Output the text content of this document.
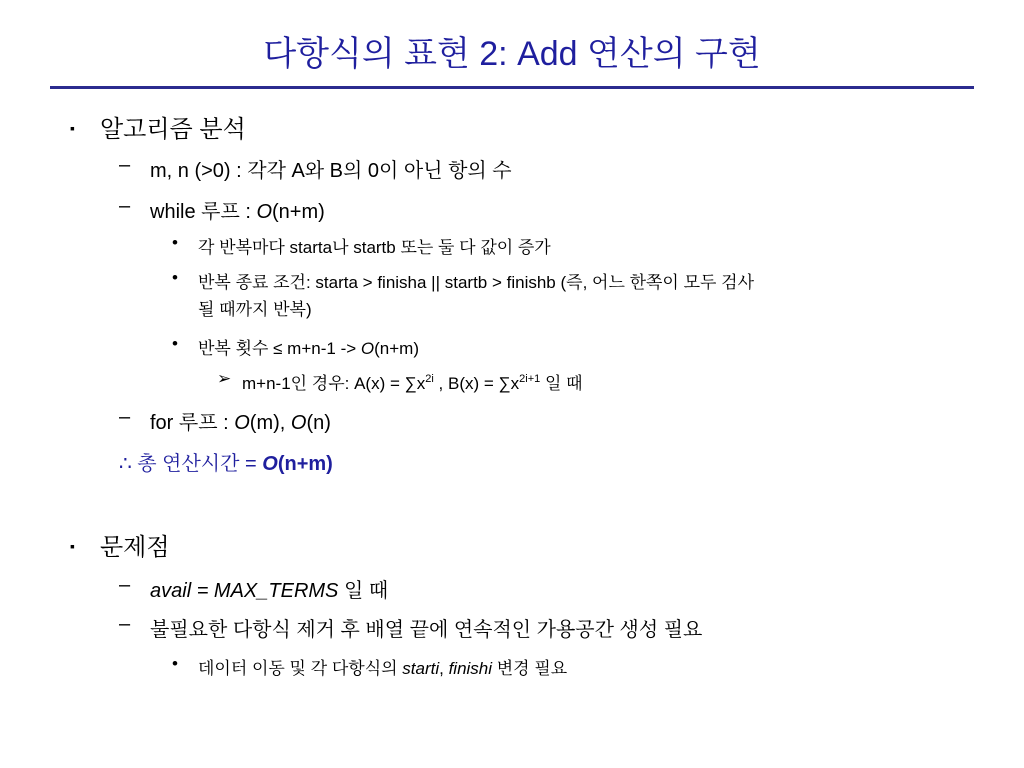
다항식의 표현 2: Add 연산의 구현
▪ 알고리즘 분석
– m, n (>0) : 각각 A와 B의 0이 아닌 항의 수
– while 루프 : O(n+m)
• 각 반복마다 starta나 startb 또는 둘 다 값이 증가
• 반복 종료 조건: starta > finisha || startb > finishb (즉, 어느 한쪽이 모두 검사
될 때까지 반복)
• 반복 횟수 ≤ m+n-1 -> O(n+m)
➢ m+n-1인 경우: $A(x) = \sum x^{2i}$ , $B(x) = \sum x^{2i+1}$ 일 때
– for 루프 : O(m), O(n)
∴ 총 연산시간 = O(n+m)
▪ 문제점
– avail = MAX_TERMS 일 때
– 불필요한 다항식 제거 후 배열 끝에 연속적인 가용공간 생성 필요
• 데이터 이동 및 각 다항식의 starti, finishi 변경 필요
